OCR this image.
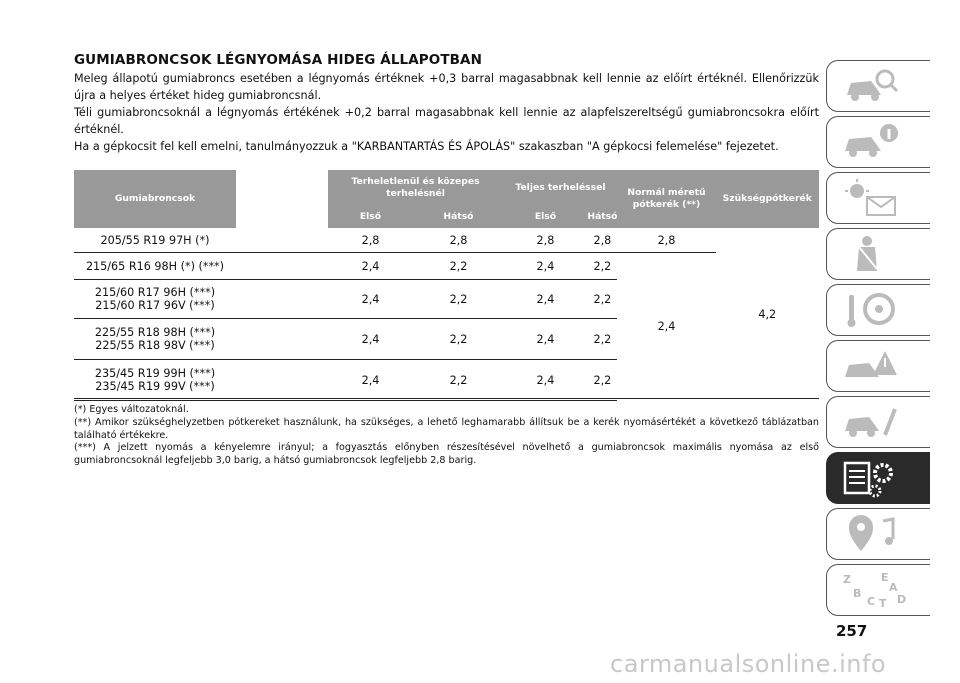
GUMIABRONCSOK LÉGNYOMÁSA HIDEG ÁLLAPOTBAN

Meleg állapotú gumiabroncs esetében a légnyomás értéknek +0,3 barral magasabbnak kell lennie az előírt értéknél. Ellenőrizzük újra a helyes értéket hideg gumiabroncsnál.

Téli gumiabroncsoknál a légnyomás értékének +0,2 barral magasabbnak kell lennie az alapfelszereltségű gumiabroncsokra előírt értéknél.

Ha a gépkocsit fel kell emelni, tanulmányozzuk a "KARBANTARTÁS ÉS ÁPOLÁS" szakaszban "A gépkocsi felemelése" fejezetet.

Gumiabroncsok		Terheletlenül és közepes terhelésnél		Teljes terheléssel		Normál méretű pótkerék (**)	Szükségpótkerék
		Első	Hátsó	Első	Hátsó		
205/55 R19 97H (*)		2,8	2,8	2,8	2,8	2,8	4,2
215/65 R16 98H (*) (***)		2,4	2,2	2,4	2,2	2,4	
215/60 R17 96H (***)
215/60 R17 96V (***)		2,4	2,2	2,4	2,2		
225/55 R18 98H (***)
225/55 R18 98V (***)		2,4	2,2	2,4	2,2		
235/45 R19 99H (***)
235/45 R19 99V (***)		2,4	2,2	2,4	2,2		

(*) Egyes változatoknál.

(**) Amikor szükséghelyzetben pótkereket használunk, ha szükséges, a lehető leghamarabb állítsuk be a kerék nyomásértékét a következő táblázatban található értékekre.

(***) A jelzett nyomás a kényelemre irányul; a fogyasztás előnyben részesítésével növelhető a gumiabroncsok maximális nyomása az első gumiabroncsoknál legfeljebb 3,0 barig, a hátsó gumiabroncsok legfeljebb 2,8 barig.

Z	E
A
B
C T D
257
carmanualsonline.info
